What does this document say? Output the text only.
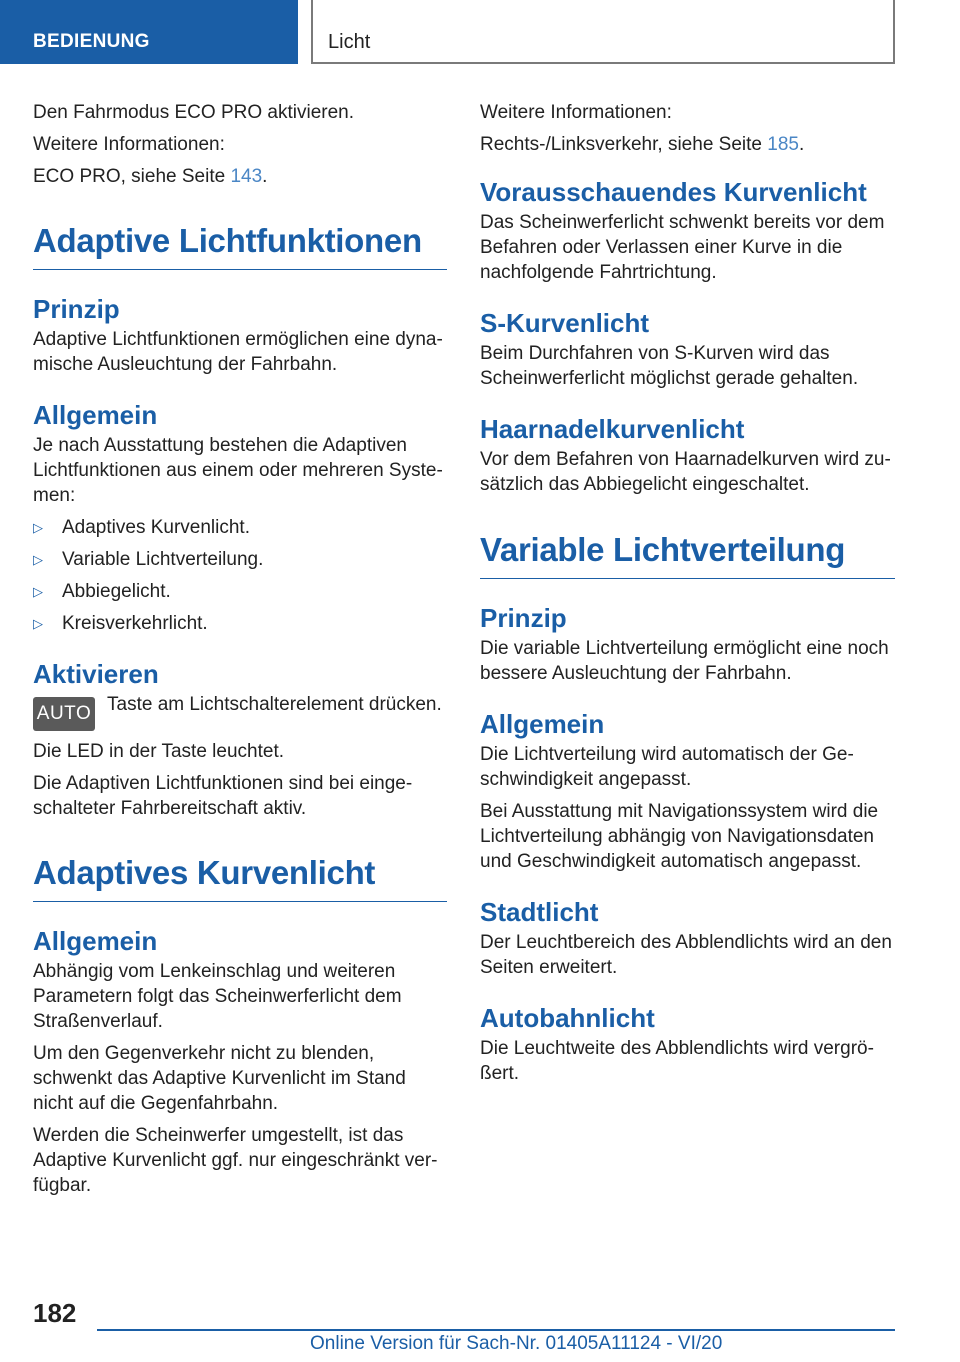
BEDIENUNG	Licht

Den Fahrmodus ECO PRO aktivieren.

Weitere Informationen:

ECO PRO, siehe Seite 143.

Adaptive Lichtfunktionen
Prinzip

Adaptive Lichtfunktionen ermöglichen eine dynamische Ausleuchtung der Fahrbahn.

Allgemein

Je nach Ausstattung bestehen die Adaptiven Lichtfunktionen aus einem oder mehreren Systemen:

▷	Adaptives Kurvenlicht.
▷	Variable Lichtverteilung.
▷	Abbiegelicht.
▷	Kreisverkehrlicht.
Aktivieren
AUTO Taste am Lichtschalterelement drücken.

Die LED in der Taste leuchtet.

Die Adaptiven Lichtfunktionen sind bei eingeschalteter Fahrbereitschaft aktiv.

Adaptives Kurvenlicht
Allgemein

Abhängig vom Lenkeinschlag und weiteren Parametern folgt das Scheinwerferlicht dem Straßenverlauf.

Um den Gegenverkehr nicht zu blenden, schwenkt das Adaptive Kurvenlicht im Stand nicht auf die Gegenfahrbahn.

Werden die Scheinwerfer umgestellt, ist das Adaptive Kurvenlicht ggf. nur eingeschränkt verfügbar.

Weitere Informationen:

Rechts-/Linksverkehr, siehe Seite 185.

Vorausschauendes Kurvenlicht

Das Scheinwerferlicht schwenkt bereits vor dem Befahren oder Verlassen einer Kurve in die nachfolgende Fahrtrichtung.

S-Kurvenlicht

Beim Durchfahren von S-Kurven wird das Scheinwerferlicht möglichst gerade gehalten.

Haarnadelkurvenlicht

Vor dem Befahren von Haarnadelkurven wird zusätzlich das Abbiegelicht eingeschaltet.

Variable Lichtverteilung
Prinzip

Die variable Lichtverteilung ermöglicht eine noch bessere Ausleuchtung der Fahrbahn.

Allgemein

Die Lichtverteilung wird automatisch der Geschwindigkeit angepasst.

Bei Ausstattung mit Navigationssystem wird die Lichtverteilung abhängig von Navigationsdaten und Geschwindigkeit automatisch angepasst.

Stadtlicht

Der Leuchtbereich des Abblendlichts wird an den Seiten erweitert.

Autobahnlicht

Die Leuchtweite des Abblendlichts wird vergrößert.

182
Online Version für Sach-Nr. 01405A11124 - VI/20
